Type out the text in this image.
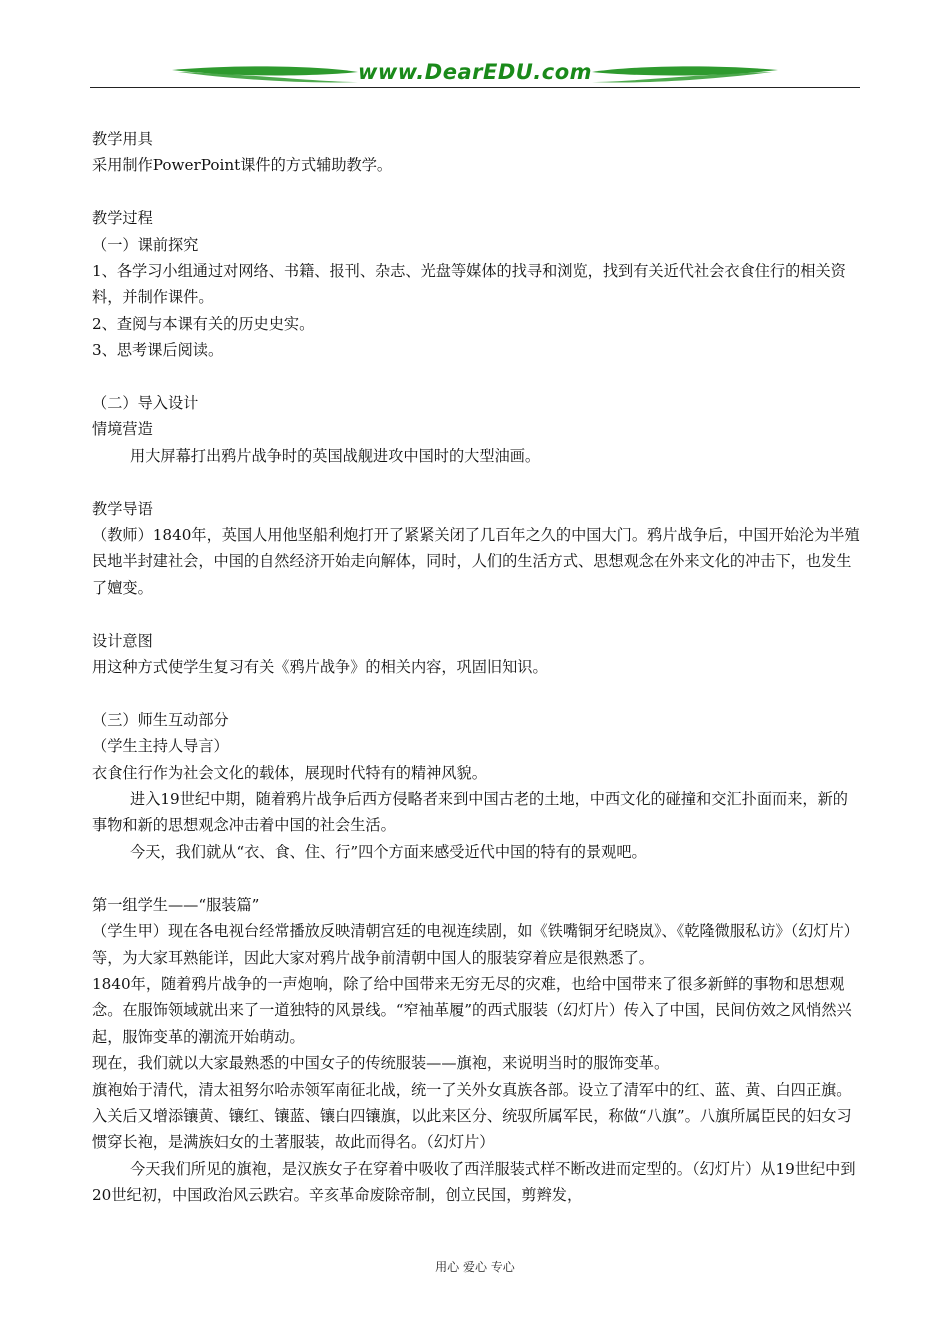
www.DearEDU.com

教学用具

采用制作PowerPoint课件的方式辅助教学。

教学过程

（一）课前探究

1、各学习小组通过对网络、书籍、报刊、杂志、光盘等媒体的找寻和浏览，找到有关近代社会衣食住行的相关资料，并制作课件。

2、查阅与本课有关的历史史实。

3、思考课后阅读。

（二）导入设计

情境营造

用大屏幕打出鸦片战争时的英国战舰进攻中国时的大型油画。

教学导语

（教师）1840年，英国人用他坚船利炮打开了紧紧关闭了几百年之久的中国大门。鸦片战争后，中国开始沦为半殖民地半封建社会，中国的自然经济开始走向解体，同时，人们的生活方式、思想观念在外来文化的冲击下，也发生了嬗变。

设计意图

用这种方式使学生复习有关《鸦片战争》的相关内容，巩固旧知识。

（三）师生互动部分

（学生主持人导言）

衣食住行作为社会文化的载体，展现时代特有的精神风貌。

进入19世纪中期，随着鸦片战争后西方侵略者来到中国古老的土地，中西文化的碰撞和交汇扑面而来，新的事物和新的思想观念冲击着中国的社会生活。

今天，我们就从“衣、食、住、行”四个方面来感受近代中国的特有的景观吧。

第一组学生——“服装篇”

（学生甲）现在各电视台经常播放反映清朝宫廷的电视连续剧，如《铁嘴铜牙纪晓岚》、《乾隆微服私访》（幻灯片）等，为大家耳熟能详，因此大家对鸦片战争前清朝中国人的服装穿着应是很熟悉了。

1840年，随着鸦片战争的一声炮响，除了给中国带来无穷无尽的灾难，也给中国带来了很多新鲜的事物和思想观念。在服饰领域就出来了一道独特的风景线。“窄袖革履”的西式服装（幻灯片）传入了中国，民间仿效之风悄然兴起，服饰变革的潮流开始萌动。

现在，我们就以大家最熟悉的中国女子的传统服装——旗袍，来说明当时的服饰变革。

旗袍始于清代，清太祖努尔哈赤领军南征北战，统一了关外女真族各部。设立了清军中的红、蓝、黄、白四正旗。入关后又增添镶黄、镶红、镶蓝、镶白四镶旗，以此来区分、统驭所属军民，称做“八旗”。八旗所属臣民的妇女习惯穿长袍，是满族妇女的土著服装，故此而得名。（幻灯片）

今天我们所见的旗袍，是汉族女子在穿着中吸收了西洋服装式样不断改进而定型的。（幻灯片）从19世纪中到20世纪初，中国政治风云跌宕。辛亥革命废除帝制，创立民国，剪辫发，

用心 爱心 专心
